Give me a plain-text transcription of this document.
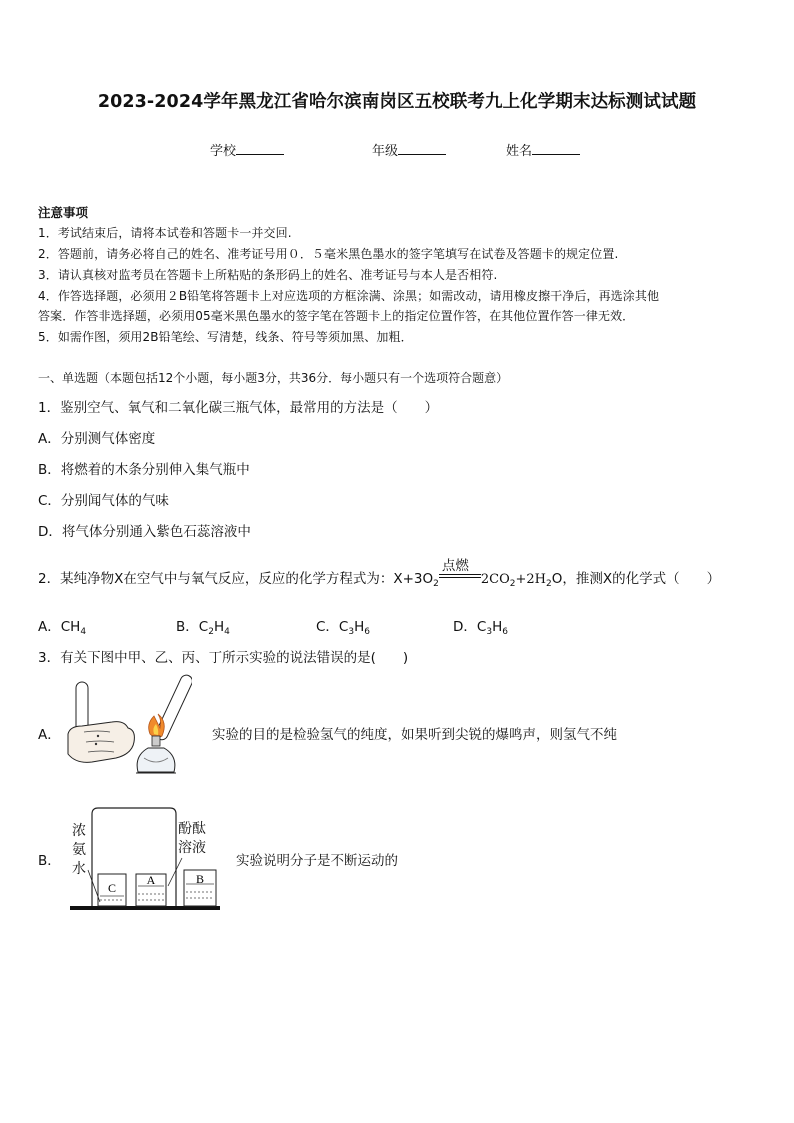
2023-2024学年黑龙江省哈尔滨南岗区五校联考九上化学期末达标测试试题
学校	年级	姓名
注意事项
1．考试结束后，请将本试卷和答题卡一并交回.
2．答题前，请务必将自己的姓名、准考证号用０．５毫米黑色墨水的签字笔填写在试卷及答题卡的规定位置.
3．请认真核对监考员在答题卡上所粘贴的条形码上的姓名、准考证号与本人是否相符.
4．作答选择题，必须用２B铅笔将答题卡上对应选项的方框涂满、涂黑；如需改动，请用橡皮擦干净后，再选涂其他
答案．作答非选择题，必须用05毫米黑色墨水的签字笔在答题卡上的指定位置作答，在其他位置作答一律无效．
5．如需作图，须用2B铅笔绘、写清楚，线条、符号等须加黑、加粗．
一、单选题（本题包括12个小题，每小题3分，共36分．每小题只有一个选项符合题意）
1．鉴别空气、氧气和二氧化碳三瓶气体，最常用的方法是（　　）
A．分别测气体密度
B．将燃着的木条分别伸入集气瓶中
C．分别闻气体的气味
D．将气体分别通入紫色石蕊溶液中
2．某纯净物X在空气中与氧气反应，反应的化学方程式为：$X+3O_2$
点燃
$2CO_2+2H_2O$，推测X的化学式（　　）
A．$CH_4$	B．$C_2H_4$	C．$C_3H_6$	D．$C_3H_6$
3．有关下图中甲、乙、丙、丁所示实验的说法错误的是(　　)
A．	实验的目的是检验氢气的纯度，如果听到尖锐的爆鸣声，则氢气不纯
B．
C
A	B
浓
氨
水
酚酞
溶液
实验说明分子是不断运动的
